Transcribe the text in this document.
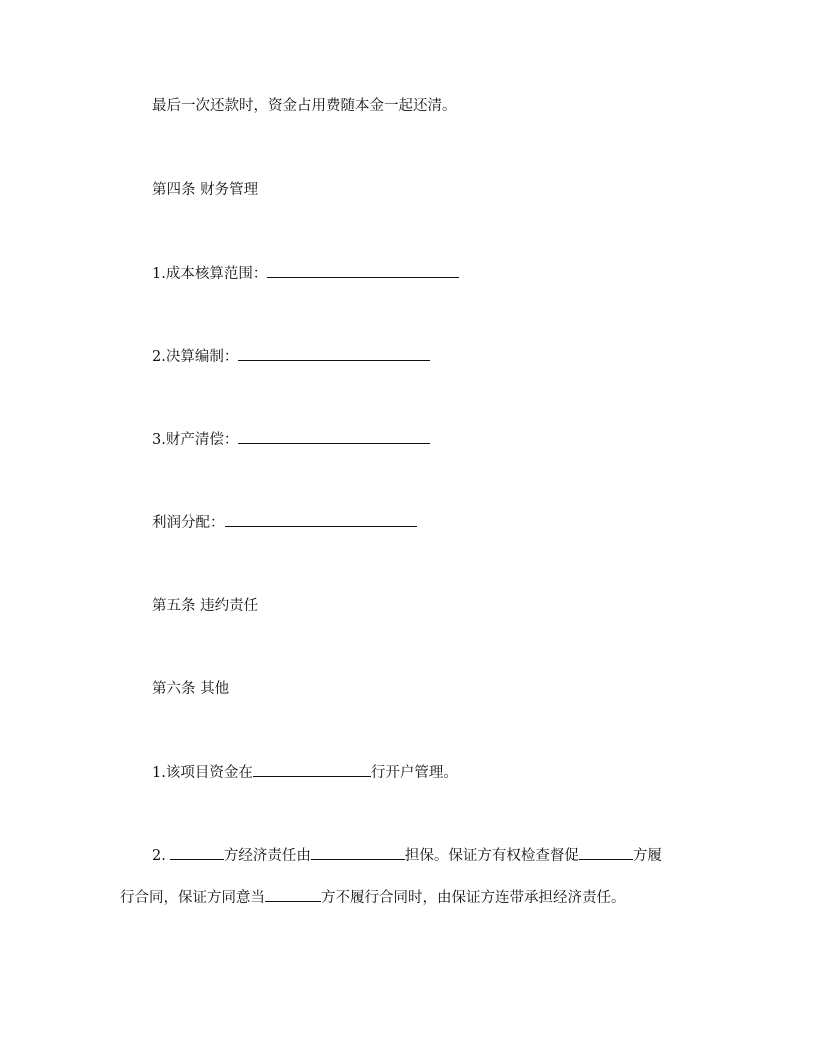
最后一次还款时，资金占用费随本金一起还清。
第四条 财务管理
1.成本核算范围：
2.决算编制：
3.财产清偿：
利润分配：
第五条 违约责任
第六条 其他
1.该项目资金在	行开户管理。
2.	方经济责任由	担保。保证方有权检查督促	方履
行合同，保证方同意当	方不履行合同时，由保证方连带承担经济责任。
